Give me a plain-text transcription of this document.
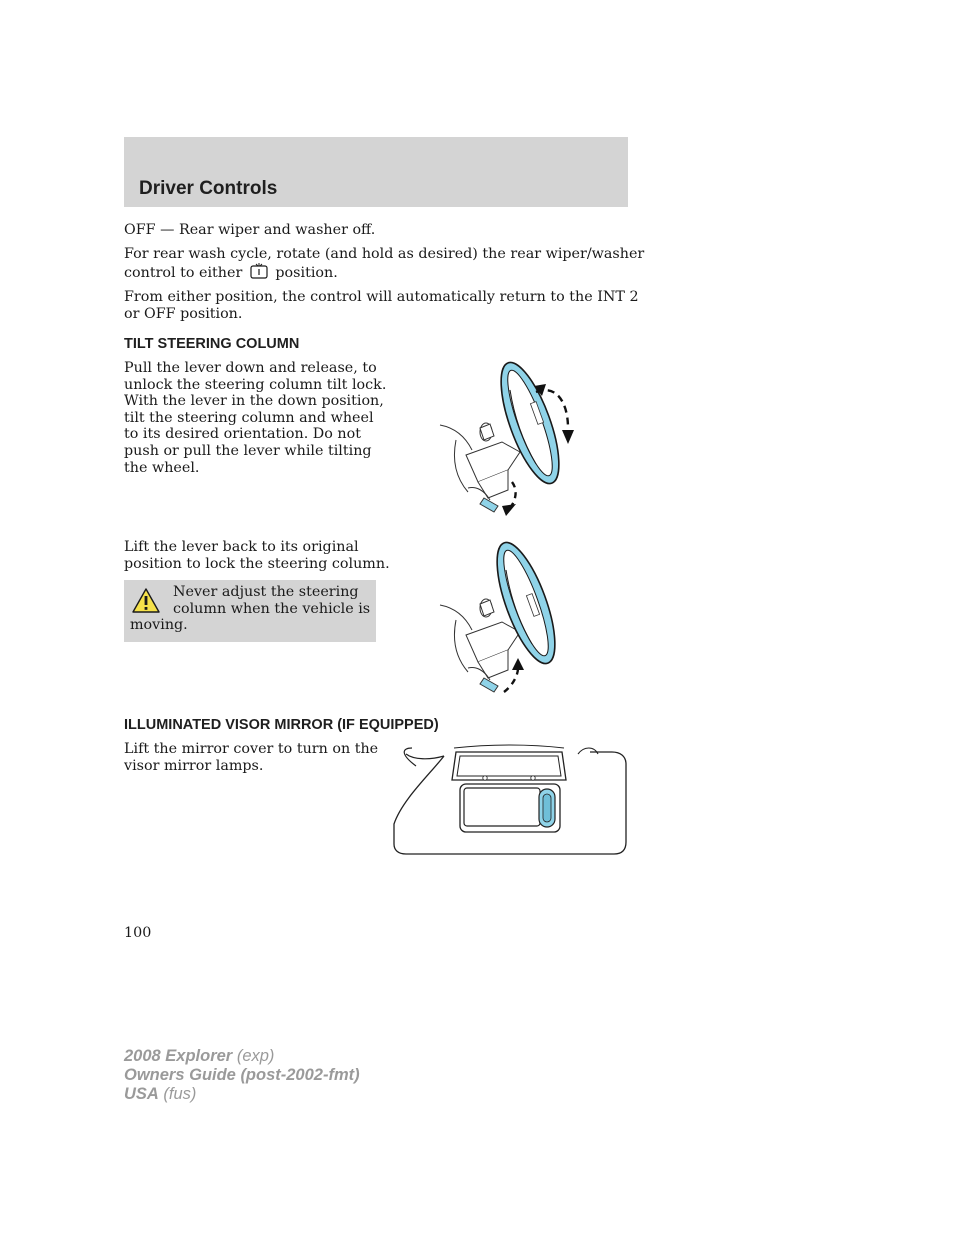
Driver Controls
OFF — Rear wiper and washer off.
For rear wash cycle, rotate (and hold as desired) the rear wiper/washer
control to either position.
From either position, the control will automatically return to the INT 2
or OFF position.
TILT STEERING COLUMN
Pull the lever down and release, to
unlock the steering column tilt lock.
With the lever in the down position,
tilt the steering column and wheel
to its desired orientation. Do not
push or pull the lever while tilting
the wheel.
Lift the lever back to its original
position to lock the steering column.
Never adjust the steering
column when the vehicle is
moving.
ILLUMINATED VISOR MIRROR (IF EQUIPPED)
Lift the mirror cover to turn on the
visor mirror lamps.
100
2008 Explorer (exp)
Owners Guide (post-2002-fmt)
USA (fus)
